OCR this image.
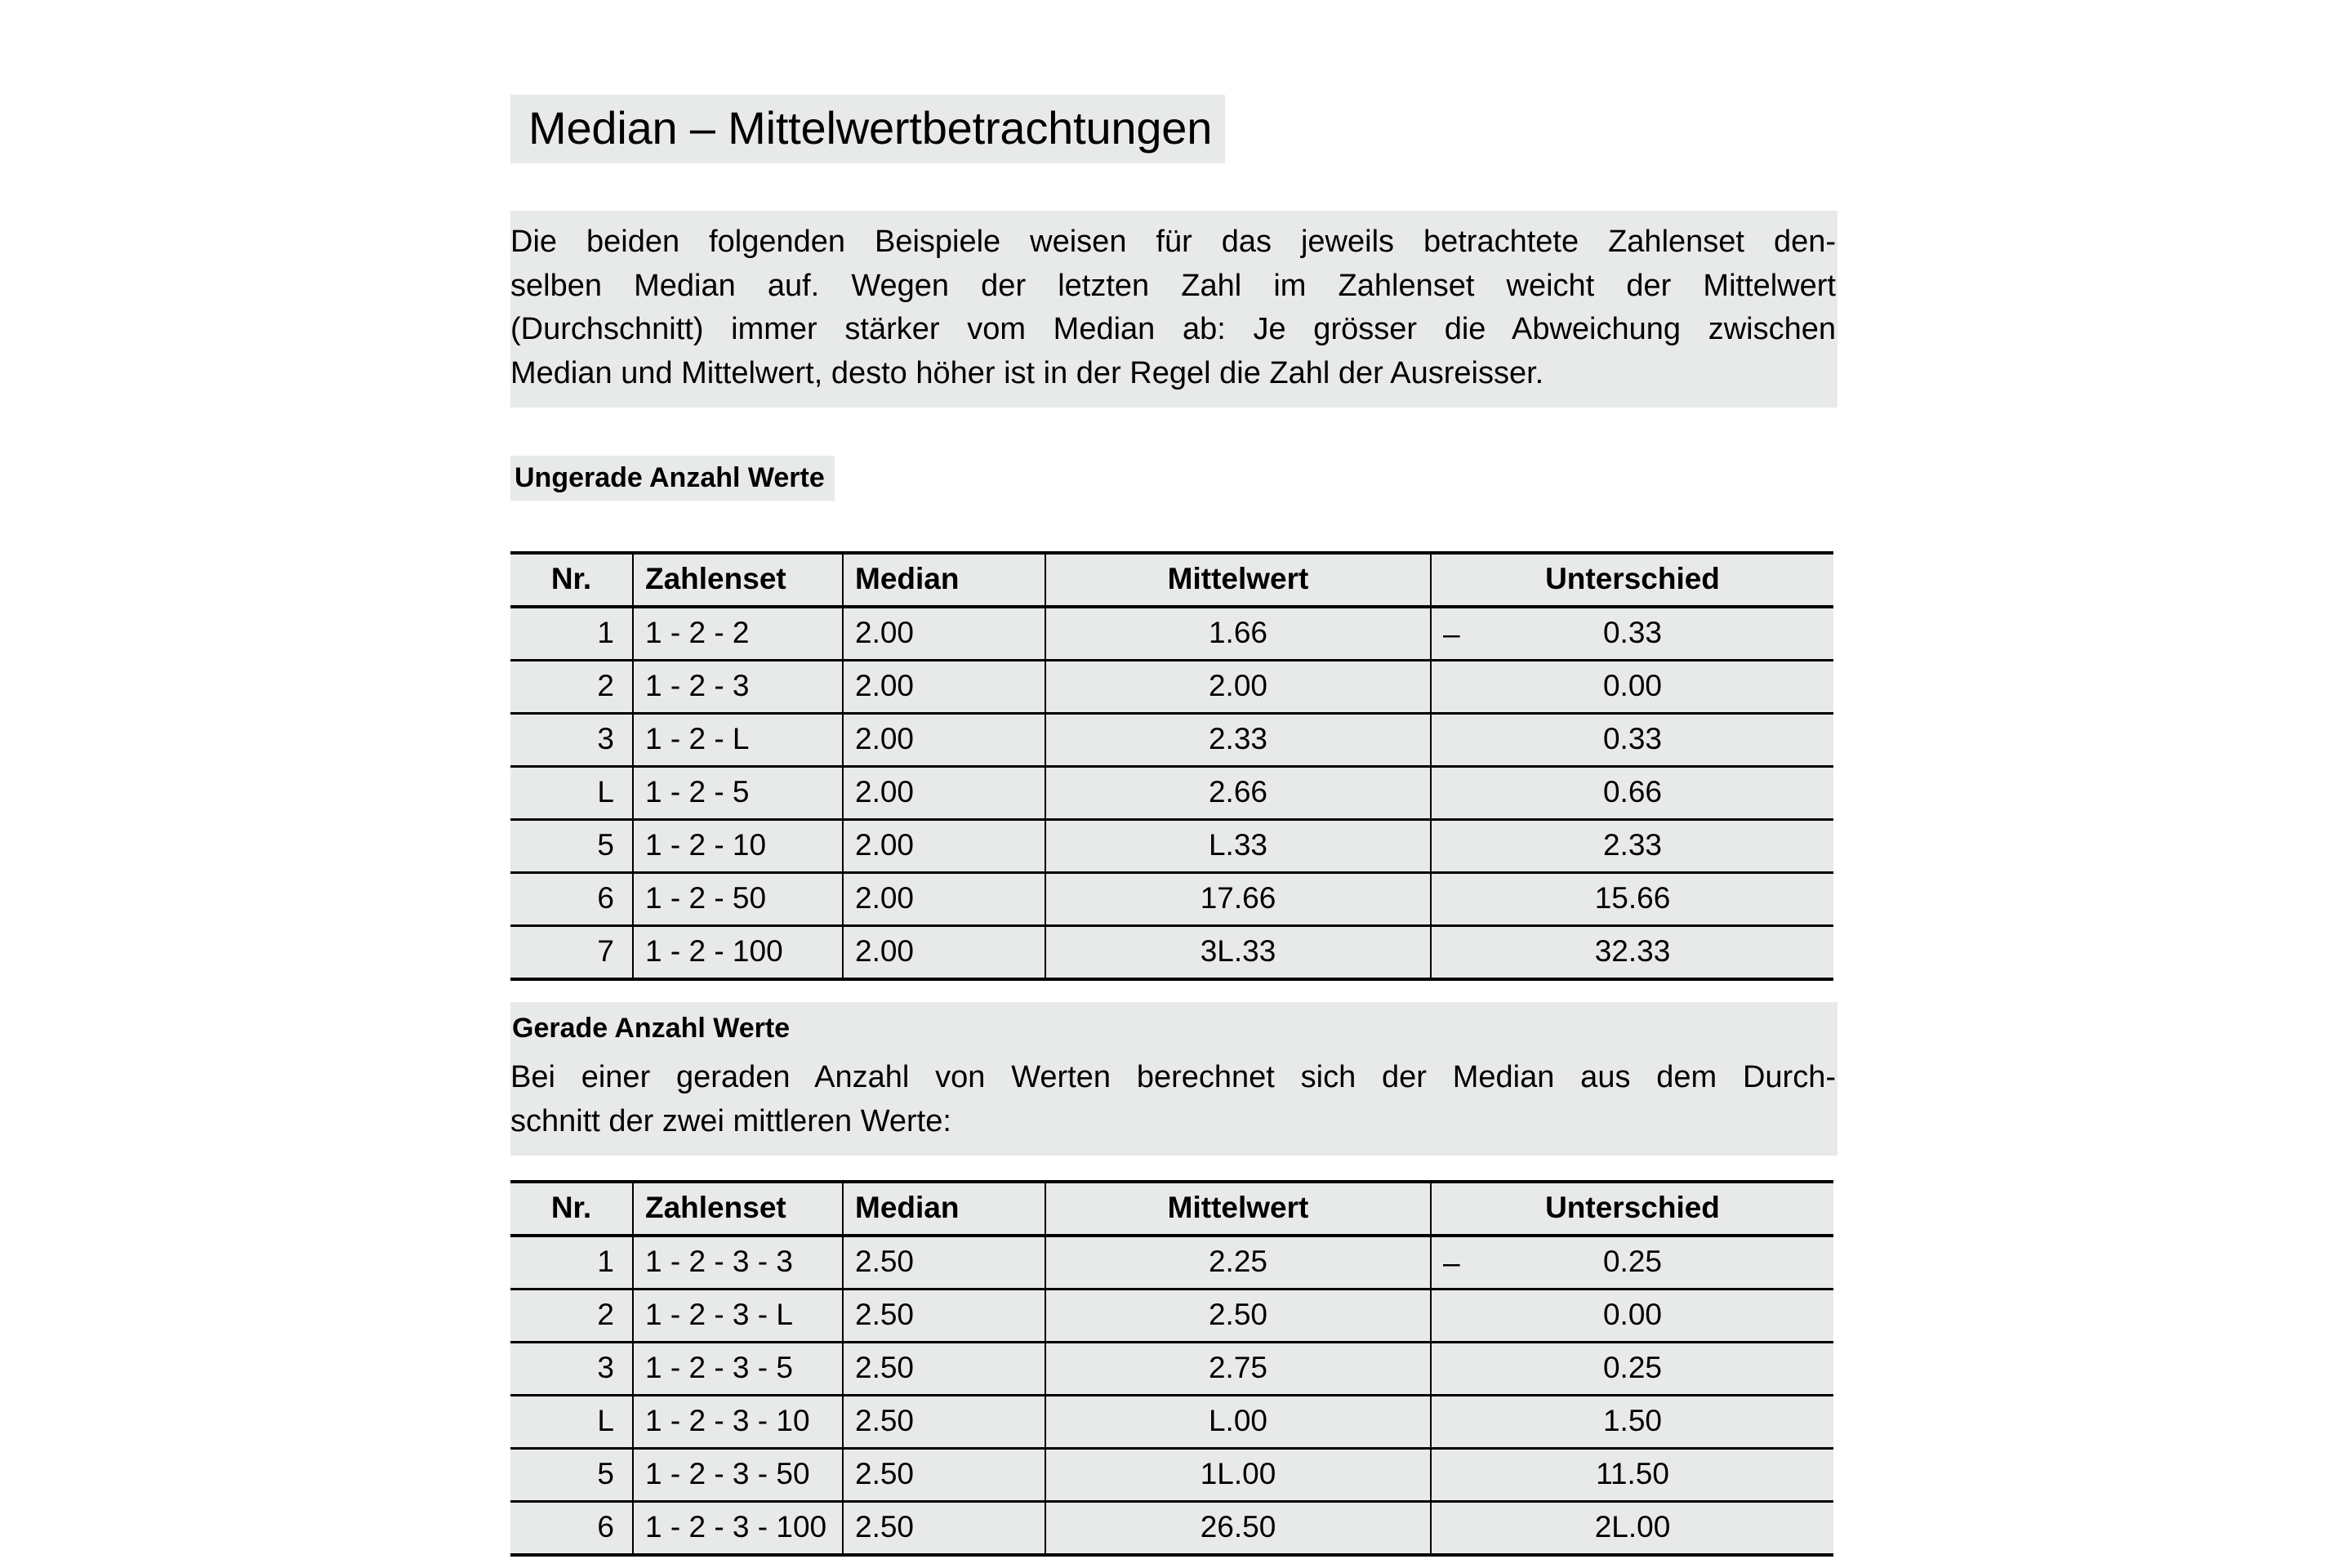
Median – Mittelwertbetrachtungen

Die beiden folgenden Beispiele weisen für das jeweils betrachtete Zahlenset den-
selben Median auf. Wegen der letzten Zahl im Zahlenset weicht der Mittelwert
(Durchschnitt) immer stärker vom Median ab: Je grösser die Abweichung zwischen
Median und Mittelwert, desto höher ist in der Regel die Zahl der Ausreisser.

Ungerade Anzahl Werte
Nr.	Zahlenset	Median	Mittelwert	Unterschied
1	1 - 2 - 2	2.00	1.66	– 0.33
2	1 - 2 - 3	2.00	2.00	0.00
3	1 - 2 - L	2.00	2.33	0.33
L	1 - 2 - 5	2.00	2.66	0.66
5	1 - 2 - 10	2.00	L.33	2.33
6	1 - 2 - 50	2.00	17.66	15.66
7	1 - 2 - 100	2.00	3L.33	32.33
Gerade Anzahl Werte

Bei einer geraden Anzahl von Werten berechnet sich der Median aus dem Durch-
schnitt der zwei mittleren Werte:

Nr.	Zahlenset	Median	Mittelwert	Unterschied
1	1 - 2 - 3 - 3	2.50	2.25	– 0.25
2	1 - 2 - 3 - L	2.50	2.50	0.00
3	1 - 2 - 3 - 5	2.50	2.75	0.25
L	1 - 2 - 3 - 10	2.50	L.00	1.50
5	1 - 2 - 3 - 50	2.50	1L.00	11.50
6	1 - 2 - 3 - 100	2.50	26.50	2L.00
